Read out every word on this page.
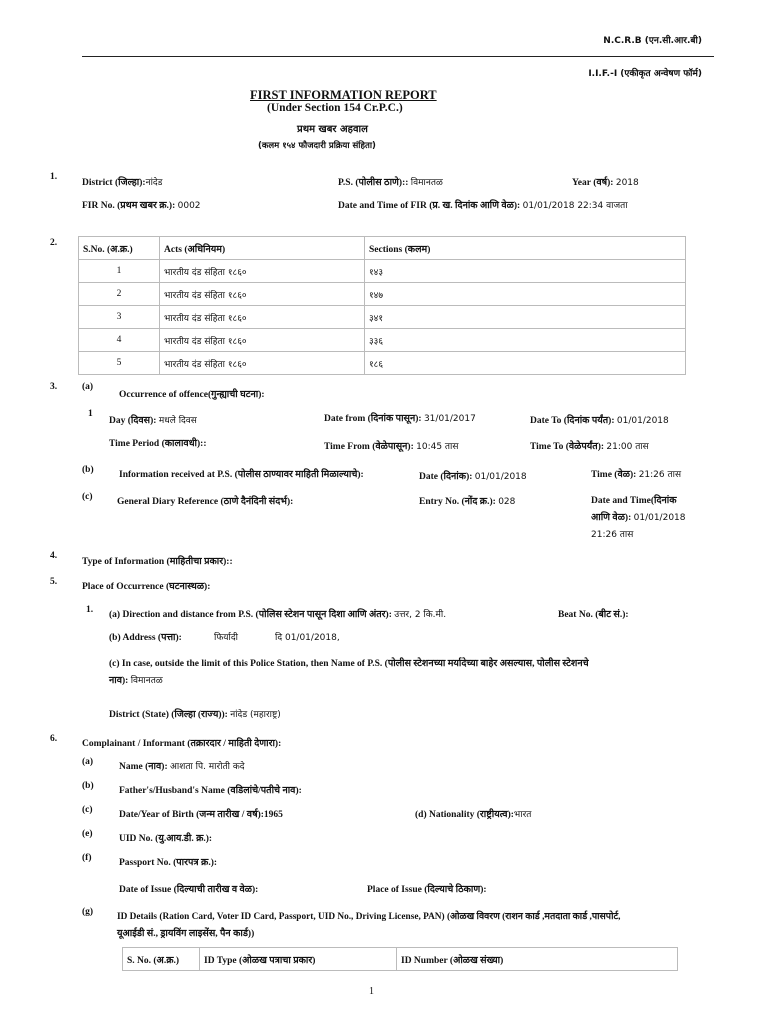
N.C.R.B (एन.सी.आर.बी)
I.I.F.-I (एकीकृत अन्वेषण फॉर्म)
FIRST INFORMATION REPORT
(Under Section 154 Cr.P.C.)
प्रथम खबर अहवाल
(कलम १५४ फौजदारी प्रक्रिया संहिता)
1.
District (जिल्हा):नांदेड	P.S. (पोलीस ठाणे):: विमानतळ	Year (वर्ष): 2018
FIR No. (प्रथम खबर क्र.): 0002	Date and Time of FIR (प्र. ख. दिनांक आणि वेळ): 01/01/2018 22:34 वाजता
2.
S.No. (अ.क्र.)	Acts (अधिनियम)	Sections (कलम)
1	भारतीय दंड संहिता १८६०	१४३
2	भारतीय दंड संहिता १८६०	१४७
3	भारतीय दंड संहिता १८६०	३४१
4	भारतीय दंड संहिता १८६०	३३६
5	भारतीय दंड संहिता १८६०	१८६
3.	(a)
Occurrence of offence(गुन्ह्याची घटना):
1
Day (दिवस): मधले दिवस	Date from (दिनांक पासून): 31/01/2017	Date To (दिनांक पर्यंत): 01/01/2018
Time Period (कालावधी)::	Time From (वेळेपासून): 10:45 तास	Time To (वेळेपर्यंत): 21:00 तास
(b)	Information received at P.S. (पोलीस ठाण्यावर माहिती मिळाल्याचे):	Date (दिनांक): 01/01/2018	Time (वेळ): 21:26 तास
(c)	General Diary Reference (ठाणे दैनंदिनी संदर्भ):	Entry No. (नोंद क्र.): 028	Date and Time(दिनांक
आणि वेळ): 01/01/2018
21:26 तास
4.
Type of Information (माहितीचा प्रकार)::
5.	Place of Occurrence (घटनास्थळ):
1. (a) Direction and distance from P.S. (पोलिस स्टेशन पासून दिशा आणि अंतर): उत्तर, 2 कि.मी.	Beat No. (बीट सं.):
(b) Address (पत्ता):	फिर्यादी	दि 01/01/2018,
(c) In case, outside the limit of this Police Station, then Name of P.S. (पोलीस स्टेशनच्या मर्यादेच्या बाहेर असल्यास, पोलीस स्टेशनचे
नाव): विमानतळ
District (State) (जिल्हा (राज्य)): नांदेड (महाराष्ट्र)
6.	Complainant / Informant (तक्रारदार / माहिती देणारा):
(a)	Name (नाव): आशता पि. मारोती कदे
(b)	Father's/Husband's Name (वडिलांचे/पतीचे नाव):
(c)	Date/Year of Birth (जन्म तारीख / वर्ष):1965	(d) Nationality (राष्ट्रीयत्व):भारत
(e)	UID No. (यु.आय.डी. क्र.):
(f)	Passport No. (पारपत्र क्र.):
Date of Issue (दिल्याची तारीख व वेळ):	Place of Issue (दिल्याचे ठिकाण):
(g)	ID Details (Ration Card, Voter ID Card, Passport, UID No., Driving License, PAN) (ओळख विवरण (राशन कार्ड ,मतदाता कार्ड ,पासपोर्ट,
यूआईडी सं., ड्रायविंग लाइसेंस, पैन कार्ड))
S. No. (अ.क्र.)	ID Type (ओळख पत्राचा प्रकार)	ID Number (ओळख संख्या)
1
